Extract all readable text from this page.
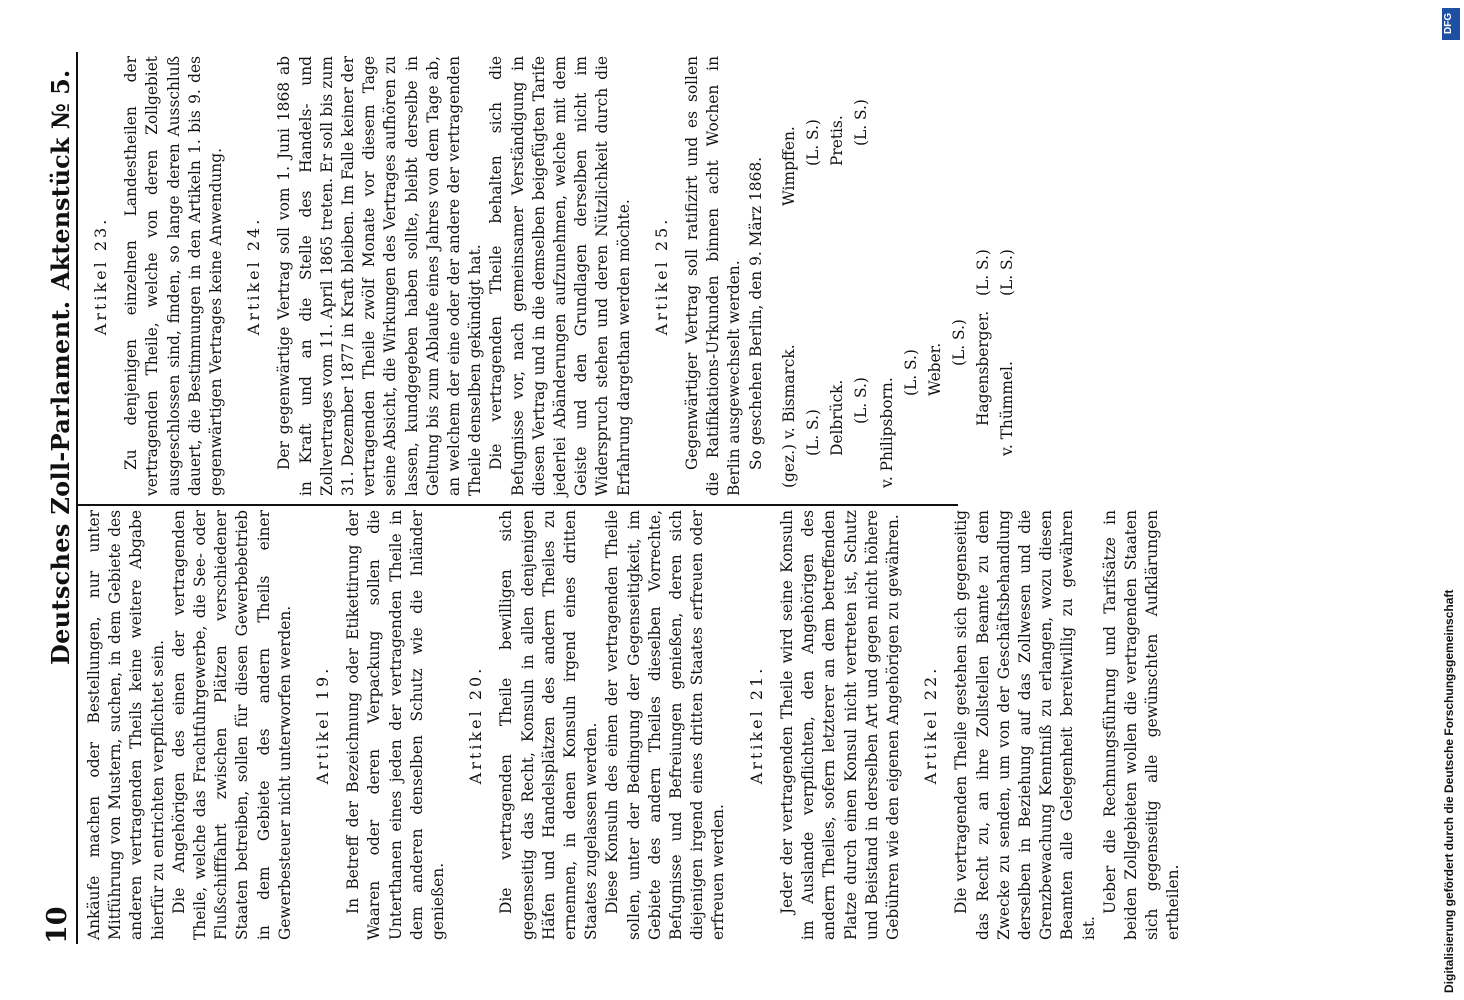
10
Deutsches Zoll-Parlament.
Aktenstück № 5.

Ankäufe machen oder Bestellungen, nur unter Mitführung von Mustern, suchen, in dem Gebiete des anderen vertragenden Theils keine weitere Abgabe hierfür zu entrichten verpflichtet sein. Die Angehörigen des einen der vertragenden Theile, welche das Frachtfuhrgewerbe, die See- oder Flußschifffahrt zwischen Plätzen verschiedener Staaten betreiben, sollen für diesen Gewerbebetrieb in dem Gebiete des andern Theils einer Gewerbesteuer nicht unterworfen werden. Artikel 19. In Betreff der Bezeichnung oder Etikettirung der Waaren oder deren Verpackung sollen die Unterthanen eines jeden der vertragenden Theile in dem anderen denselben Schutz wie die Inländer genießen.

Artikel 20. Die vertragenden Theile bewilligen sich gegenseitig das Recht, Konsuln in allen denjenigen Häfen und Handelsplätzen des andern Theiles zu ernennen, in denen Konsuln irgend eines dritten Staates zugelassen werden. Diese Konsuln des einen der vertragenden Theile sollen, unter der Bedingung der Gegenseitigkeit, im Gebiete des andern Theiles dieselben Vorrechte, Befugnisse und Befreiungen genießen, deren sich diejenigen irgend eines dritten Staates erfreuen oder erfreuen werden.

Artikel 21. Jeder der vertragenden Theile wird seine Konsuln im Auslande verpflichten, den Angehörigen des andern Theiles, sofern letzterer an dem betreffenden Platze durch einen Konsul nicht vertreten ist, Schutz und Beistand in derselben Art und gegen nicht höhere Gebühren wie den eigenen Angehörigen zu gewähren. Artikel 22. Die vertragenden Theile gestehen sich gegenseitig das Recht zu, an ihre Zollstellen Beamte zu dem Zwecke zu senden, um von der Geschäftsbehandlung derselben in Beziehung auf das Zollwesen und die Grenzbewachung Kenntniß zu erlangen, wozu diesen Beamten alle Gelegenheit bereitwillig zu gewähren ist.

Ueber die Rechnungsführung und Tarifsätze in beiden Zollgebieten wollen die vertragenden Staaten sich gegenseitig alle gewünschten Aufklärungen ertheilen.

Artikel 23. Zu denjenigen einzelnen Landestheilen der vertragenden Theile, welche von deren Zollgebiet ausgeschlossen sind, finden, so lange deren Ausschluß dauert, die Bestimmungen in den Artikeln 1. bis 9. des gegenwärtigen Vertrages keine Anwendung. Artikel 24. Der gegenwärtige Vertrag soll vom 1. Juni 1868 ab in Kraft und an die Stelle des Handels- und Zollvertrages vom 11. April 1865 treten. Er soll bis zum 31. Dezember 1877 in Kraft bleiben. Im Falle keiner der vertragenden Theile zwölf Monate vor diesem Tage seine Absicht, die Wirkungen des Vertrages aufhören zu lassen, kundgegeben haben sollte, bleibt derselbe in Geltung bis zum Ablaufe eines Jahres von dem Tage ab, an welchem der eine oder der andere der vertragenden Theile denselben gekündigt hat. Die vertragenden Theile behalten sich die Befugnisse vor, nach gemeinsamer Verständigung in diesen Vertrag und in die demselben beigefügten Tarife jederlei Abänderungen aufzunehmen, welche mit dem Geiste und den Grundlagen derselben nicht im Widerspruch stehen und deren Nützlichkeit durch die Erfahrung dargethan werden möchte. Artikel 25. Gegenwärtiger Vertrag soll ratifizirt und es sollen die Ratifikations-Urkunden binnen acht Wochen in Berlin ausgewechselt werden. So geschehen Berlin, den 9. März 1868. (gez.) v. Bismarck. (L. S.) Delbrück. (L. S.) v. Philipsborn.
(L. S.) Weber.
(L. S.) Hagensberger.
(L. S.)
v. Thümmel.
(L. S.)
Wimpffen. (L. S.) Pretis. (L. S.)
DFG
Digitalisierung gefördert durch die Deutsche Forschungsgemeinschaft
